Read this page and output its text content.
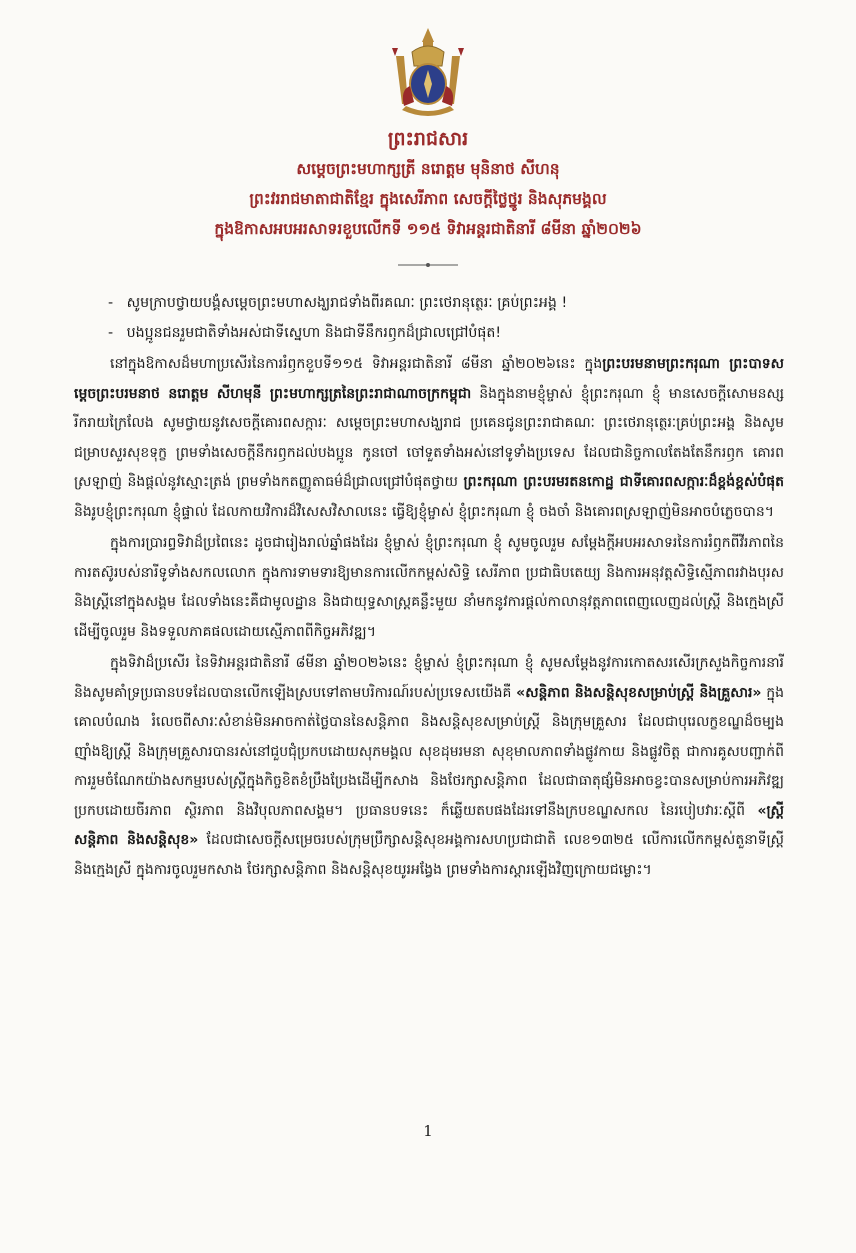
ព្រះរាជសារ
សម្តេចព្រះមហាក្សត្រី នរោត្តម មុនិនាថ សីហនុ
ព្រះវររាជមាតាជាតិខ្មែរ ក្នុងសេរីភាព សេចក្តីថ្លៃថ្នូរ និងសុភមង្គល
ក្នុងឱកាសអបអរសាទរខួបលើកទី ១១៥ ទិវាអន្តរជាតិនារី ៨មីនា ឆ្នាំ២០២៦
-   សូមក្រាបថ្វាយបង្គំសម្តេចព្រះមហាសង្ឃរាជទាំងពីរគណៈ ព្រះថេរានុត្ថេរៈ គ្រប់ព្រះអង្គ !
-   បងប្អូនជនរួមជាតិទាំងអស់ជាទីស្នេហា និងជាទីនឹករឭកដ៏ជ្រាលជ្រៅបំផុត!

នៅក្នុងឱកាសដ៏មហាប្រសើរនៃការរំឭកខួបទី១១៥ ទិវាអន្តរជាតិនារី ៨មីនា ឆ្នាំ២០២៦នេះ ក្នុងព្រះបរមនាមព្រះករុណា ព្រះបាទសម្តេចព្រះបរមនាថ នរោត្តម សីហមុនី ព្រះមហាក្សត្រនៃព្រះរាជាណាចក្រកម្ពុជា និងក្នុងនាមខ្ញុំម្ចាស់ ខ្ញុំព្រះករុណា ខ្ញុំ មានសេចក្តីសោមនស្សរីករាយក្រៃលែង សូមថ្វាយនូវសេចក្តីគោរពសក្ការៈ សម្តេចព្រះមហាសង្ឃរាជ ប្រគេនជូនព្រះរាជាគណៈ ព្រះថេរានុត្ថេរៈគ្រប់ព្រះអង្គ និងសូមជម្រាបសួរសុខទុក្ខ ព្រមទាំងសេចក្តីនឹករឭកដល់បងប្អូន កូនចៅ ចៅទួតទាំងអស់នៅទូទាំងប្រទេស ដែលជានិច្ចកាលតែងតែនឹករឭក គោរពស្រឡាញ់ និងផ្តល់នូវស្មោះត្រង់ ព្រមទាំងកតញ្ញូតាធម៌ដ៏ជ្រាលជ្រៅបំផុតថ្វាយ ព្រះករុណា ព្រះបរមរតនកោដ្ឋ ជាទីគោរពសក្ការៈដ៏ខ្ពង់ខ្ពស់បំផុត និងរូបខ្ញុំព្រះករុណា ខ្ញុំផ្ទាល់ ដែលកាយវិការដ៏វិសេសវិសាលនេះ ធ្វើឱ្យខ្ញុំម្ចាស់ ខ្ញុំព្រះករុណា ខ្ញុំ ចងចាំ និងគោរពស្រឡាញ់មិនអាចបំភ្លេចបាន។

ក្នុងការប្រារព្ធទិវាដ៏ប្រពៃនេះ ដូចជារៀងរាល់ឆ្នាំផងដែរ ខ្ញុំម្ចាស់ ខ្ញុំព្រះករុណា ខ្ញុំ សូមចូលរួម សម្តែងក្តីអបអរសាទរនៃការរំឭកពីវីរភាពនៃការតស៊ូរបស់នារីទូទាំងសកលលោក ក្នុងការទាមទារឱ្យមានការលើកកម្ពស់សិទ្ធិ សេរីភាព ប្រជាធិបតេយ្យ និងការអនុវត្តសិទ្ធិស្មើភាពរវាងបុរស និងស្ត្រីនៅក្នុងសង្គម ដែលទាំងនេះគឺជាមូលដ្ឋាន និងជាយុទ្ធសាស្ត្រគន្លឹះមួយ នាំមកនូវការផ្តល់កាលានុវត្តភាពពេញលេញដល់ស្ត្រី និងក្មេងស្រី ដើម្បីចូលរួម និងទទួលភាគផលដោយស្មើភាពពីកិច្ចអភិវឌ្ឍ។

ក្នុងទិវាដ៏ប្រសើរ នៃទិវាអន្តរជាតិនារី ៨មីនា ឆ្នាំ២០២៦នេះ ខ្ញុំម្ចាស់ ខ្ញុំព្រះករុណា ខ្ញុំ សូមសម្តែងនូវការកោតសរសើរក្រសួងកិច្ចការនារី និងសូមគាំទ្រប្រធានបទដែលបានលើកឡើងស្របទៅតាមបរិការណ៍របស់ប្រទេសយើងគឺ «សន្តិភាព និងសន្តិសុខសម្រាប់ស្ត្រី និងគ្រួសារ» ក្នុងគោលបំណង រំលេចពីសារៈសំខាន់មិនអាចកាត់ថ្លៃបាននៃសន្តិភាព និងសន្តិសុខសម្រាប់ស្ត្រី និងក្រុមគ្រួសារ ដែលជាបុរេលក្ខខណ្ឌដ៏ចម្បង ញ៉ាំងឱ្យស្ត្រី និងក្រុមគ្រួសារបានរស់នៅជួបជុំប្រកបដោយសុភមង្គល សុខដុមរមនា សុខុមាលភាពទាំងផ្លូវកាយ និងផ្លូវចិត្ត ជាការគូសបញ្ជាក់ពីការរួមចំណែកយ៉ាងសកម្មរបស់ស្ត្រីក្នុងកិច្ចខិតខំប្រឹងប្រែងដើម្បីកសាង និងថែរក្សាសន្តិភាព ដែលជាធាតុផ្សំមិនអាចខ្វះបានសម្រាប់ការអភិវឌ្ឍប្រកបដោយចីរភាព ស្ថិរភាព និងវិបុលភាពសង្គម។ ប្រធានបទនេះ ក៏ឆ្លើយតបផងដែរទៅនឹងក្របខណ្ឌសកល នៃរបៀបវារៈស្តីពី «ស្ត្រី សន្តិភាព និងសន្តិសុខ» ដែលជាសេចក្តីសម្រេចរបស់ក្រុមប្រឹក្សាសន្តិសុខអង្គការសហប្រជាជាតិ លេខ១៣២៥ លើការលើកកម្ពស់តួនាទីស្ត្រីនិងក្មេងស្រី ក្នុងការចូលរួមកសាង ថែរក្សាសន្តិភាព និងសន្តិសុខយូរអង្វែង ព្រមទាំងការស្តារឡើងវិញក្រោយជម្លោះ។

1
